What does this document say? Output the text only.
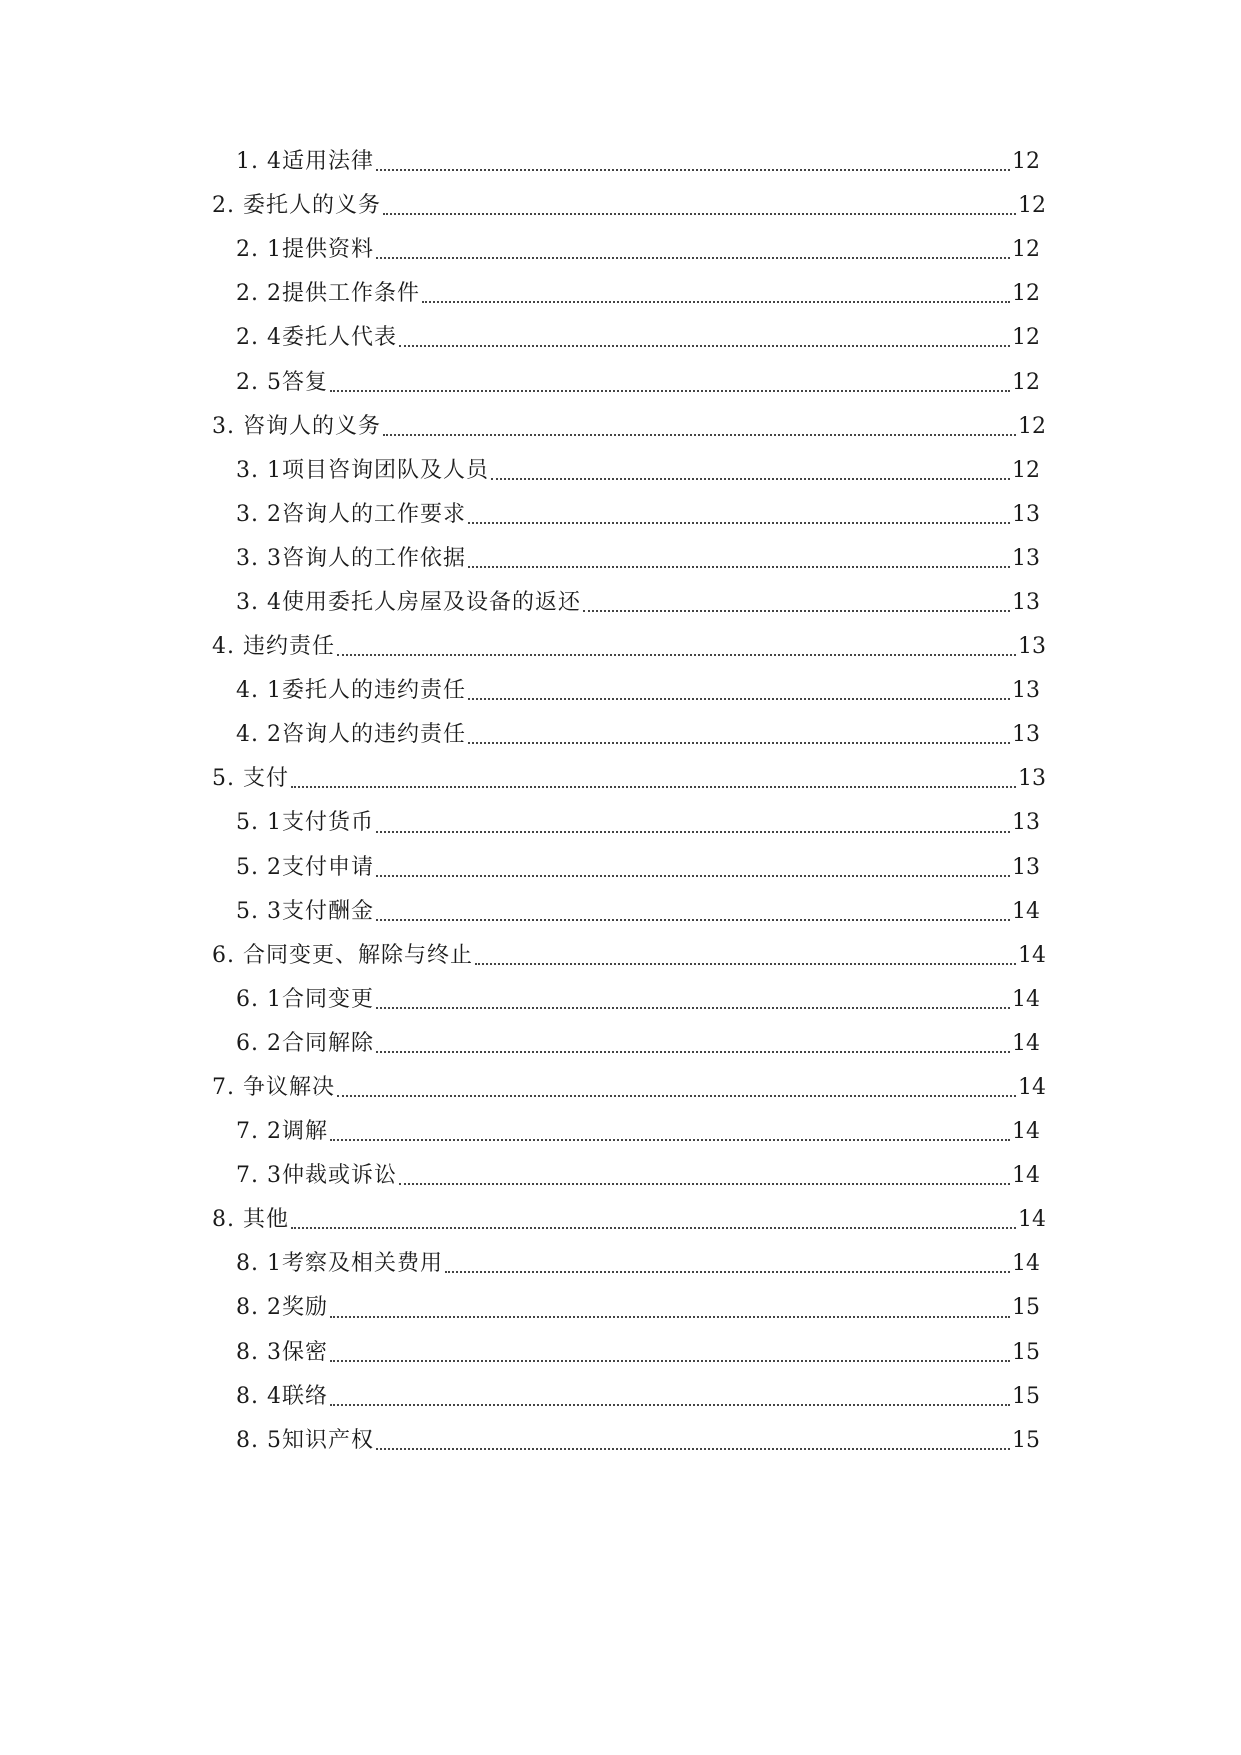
1. 4适用法律	12
2. 委托人的义务	12
2. 1提供资料	12
2. 2提供工作条件	12
2. 4委托人代表	12
2. 5答复	12
3. 咨询人的义务	12
3. 1项目咨询团队及人员	12
3. 2咨询人的工作要求	13
3. 3咨询人的工作依据	13
3. 4使用委托人房屋及设备的返还	13
4. 违约责任	13
4. 1委托人的违约责任	13
4. 2咨询人的违约责任	13
5. 支付	13
5. 1支付货币	13
5. 2支付申请	13
5. 3支付酬金	14
6. 合同变更、解除与终止	14
6. 1合同变更	14
6. 2合同解除	14
7. 争议解决	14
7. 2调解	14
7. 3仲裁或诉讼	14
8. 其他	14
8. 1考察及相关费用	14
8. 2奖励	15
8. 3保密	15
8. 4联络	15
8. 5知识产权	15
